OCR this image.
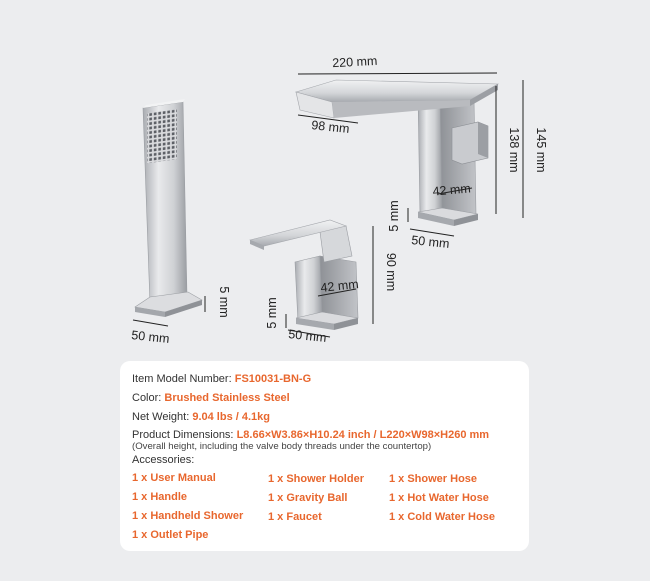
5 mm
50 mm
220 mm
98 mm
138 mm 145 mm
42 mm
5 mm
50 mm
90 mm
42 mm
5 mm
50 mm
Item Model Number: FS10031-BN-G
Color: Brushed Stainless Steel
Net Weight: 9.04 lbs / 4.1kg
Product Dimensions: L8.66×W3.86×H10.24 inch / L220×W98×H260 mm
(Overall height, including the valve body threads under the countertop)
Accessories:
1 x User Manual
1 x Handle
1 x Handheld Shower
1 x Outlet Pipe
1 x Shower Holder
1 x Gravity Ball
1 x Faucet
1 x Shower Hose
1 x Hot Water Hose
1 x Cold Water Hose
